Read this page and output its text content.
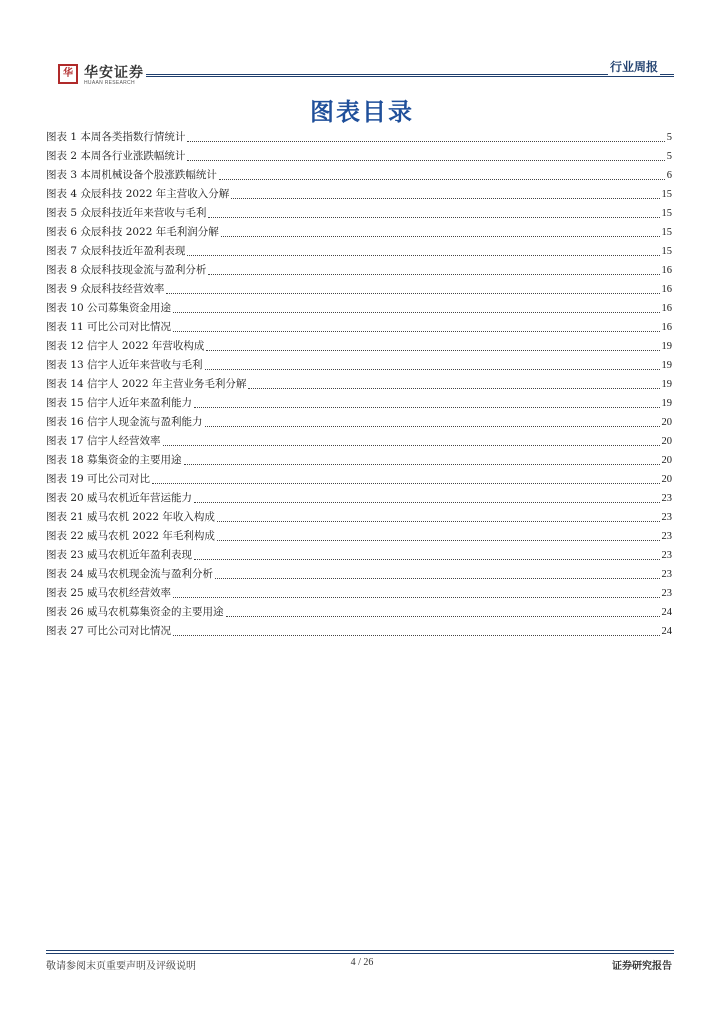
华 华安证券
HUAAN RESEARCH
行业周报
图表目录
图表 1 本周各类指数行情统计	5
图表 2 本周各行业涨跌幅统计	5
图表 3 本周机械设备个股涨跌幅统计	6
图表 4 众辰科技 2022 年主营收入分解	15
图表 5 众辰科技近年来营收与毛利	15
图表 6 众辰科技 2022 年毛利润分解	15
图表 7 众辰科技近年盈利表现	15
图表 8 众辰科技现金流与盈利分析	16
图表 9 众辰科技经营效率	16
图表 10 公司募集资金用途	16
图表 11 可比公司对比情况	16
图表 12 信宇人 2022 年营收构成	19
图表 13 信宇人近年来营收与毛利	19
图表 14 信宇人 2022 年主营业务毛利分解	19
图表 15 信宇人近年来盈利能力	19
图表 16 信宇人现金流与盈利能力	20
图表 17 信宇人经营效率	20
图表 18 募集资金的主要用途	20
图表 19 可比公司对比	20
图表 20 威马农机近年营运能力	23
图表 21 威马农机 2022 年收入构成	23
图表 22 威马农机 2022 年毛利构成	23
图表 23 威马农机近年盈利表现	23
图表 24 威马农机现金流与盈利分析	23
图表 25 威马农机经营效率	23
图表 26 威马农机募集资金的主要用途	24
图表 27 可比公司对比情况	24
敬请参阅末页重要声明及评级说明	4 / 26	证券研究报告
